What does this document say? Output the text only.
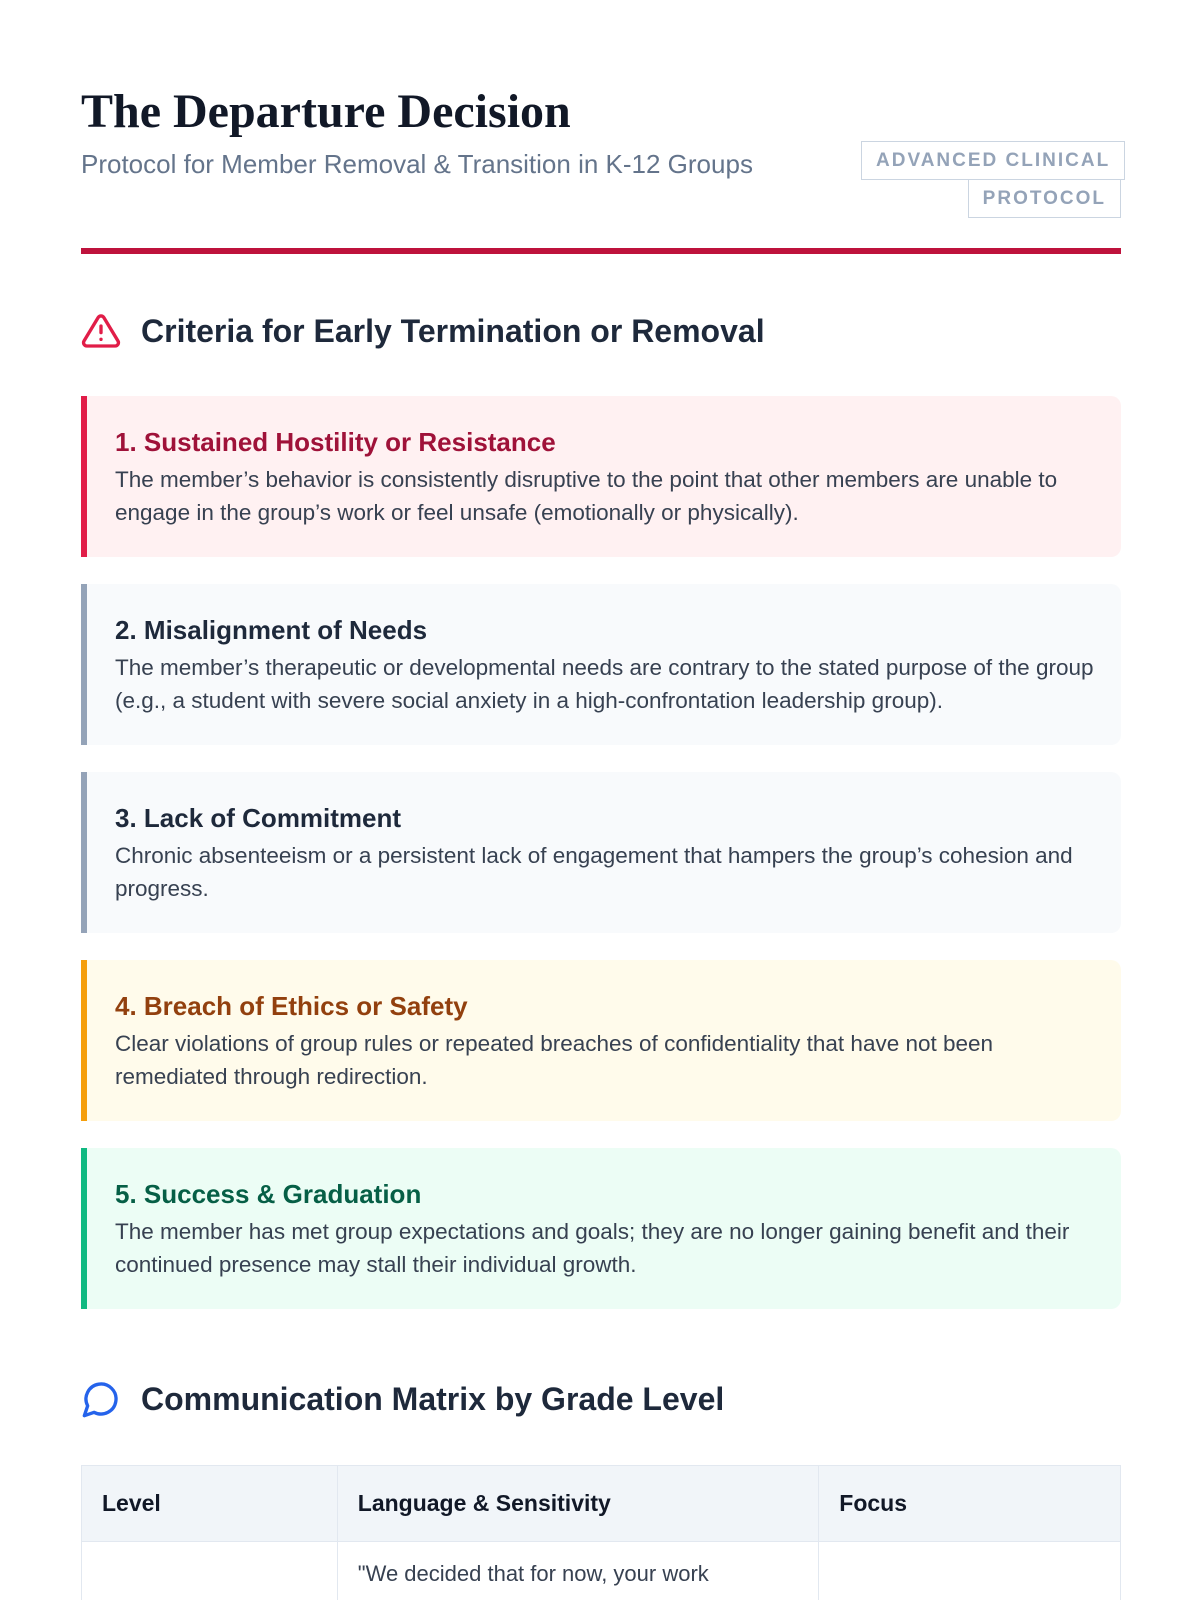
The Departure Decision

Protocol for Member Removal & Transition in K-12 Groups	ADVANCED CLINICAL PROTOCOL
Criteria for Early Termination or Removal
1. Sustained Hostility or Resistance
The member’s behavior is consistently disruptive to the point that other members are unable to engage in the group’s work or feel unsafe (emotionally or physically).
2. Misalignment of Needs
The member’s therapeutic or developmental needs are contrary to the stated purpose of the group (e.g., a student with severe social anxiety in a high-confrontation leadership group).
3. Lack of Commitment
Chronic absenteeism or a persistent lack of engagement that hampers the group’s cohesion and progress.
4. Breach of Ethics or Safety
Clear violations of group rules or repeated breaches of confidentiality that have not been remediated through redirection.
5. Success & Graduation
The member has met group expectations and goals; they are no longer gaining benefit and their continued presence may stall their individual growth.
Communication Matrix by Grade Level
Level	Language & Sensitivity	Focus
	"We decided that for now, your work	
